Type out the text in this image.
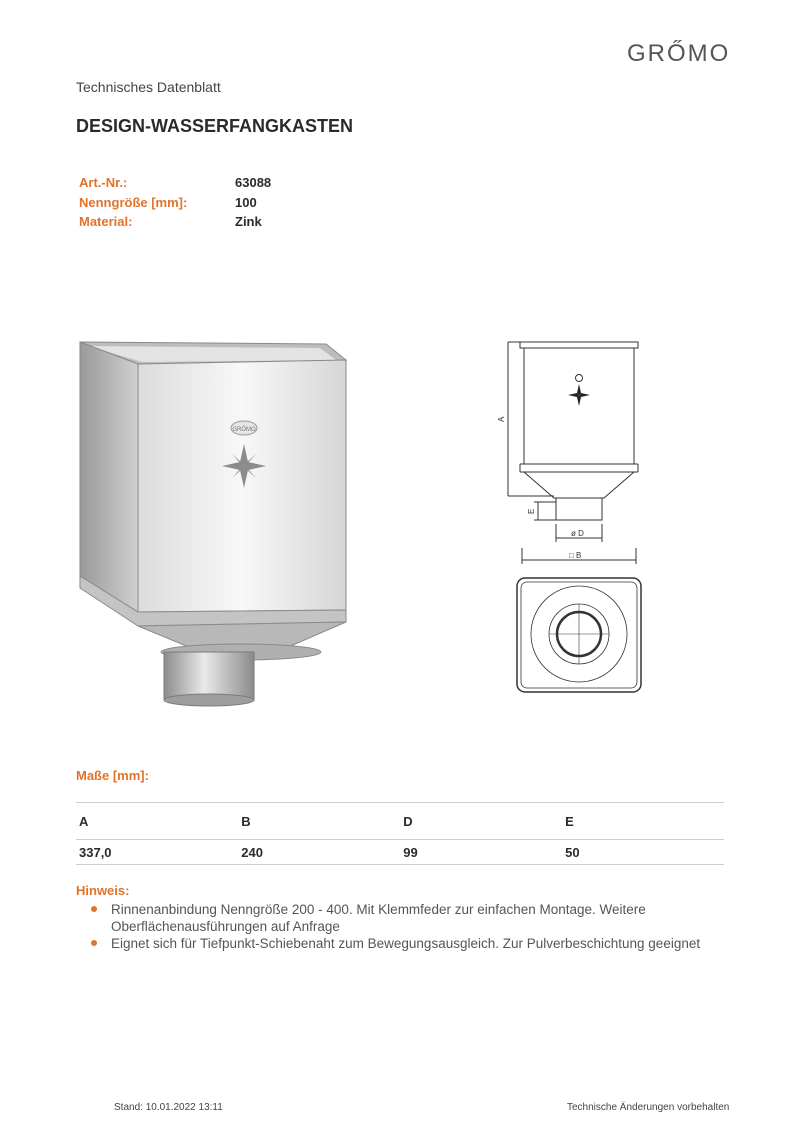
GRŐMO
Technisches Datenblatt
DESIGN-WASSERFANGKASTEN
Art.-Nr.:	63088
Nenngröße [mm]:	100
Material:	Zink
GRŐMO
A
E
ø D
□ B
Maße [mm]:
A	B	D	E
337,0	240	99	50
Hinweis:
Rinnenanbindung Nenngröße 200 - 400. Mit Klemmfeder zur einfachen Montage. Weitere Oberflächenausführungen auf Anfrage
Eignet sich für Tiefpunkt-Schiebenaht zum Bewegungsausgleich. Zur Pulverbeschichtung geeignet
Stand: 10.01.2022 13:11	Technische Änderungen vorbehalten
